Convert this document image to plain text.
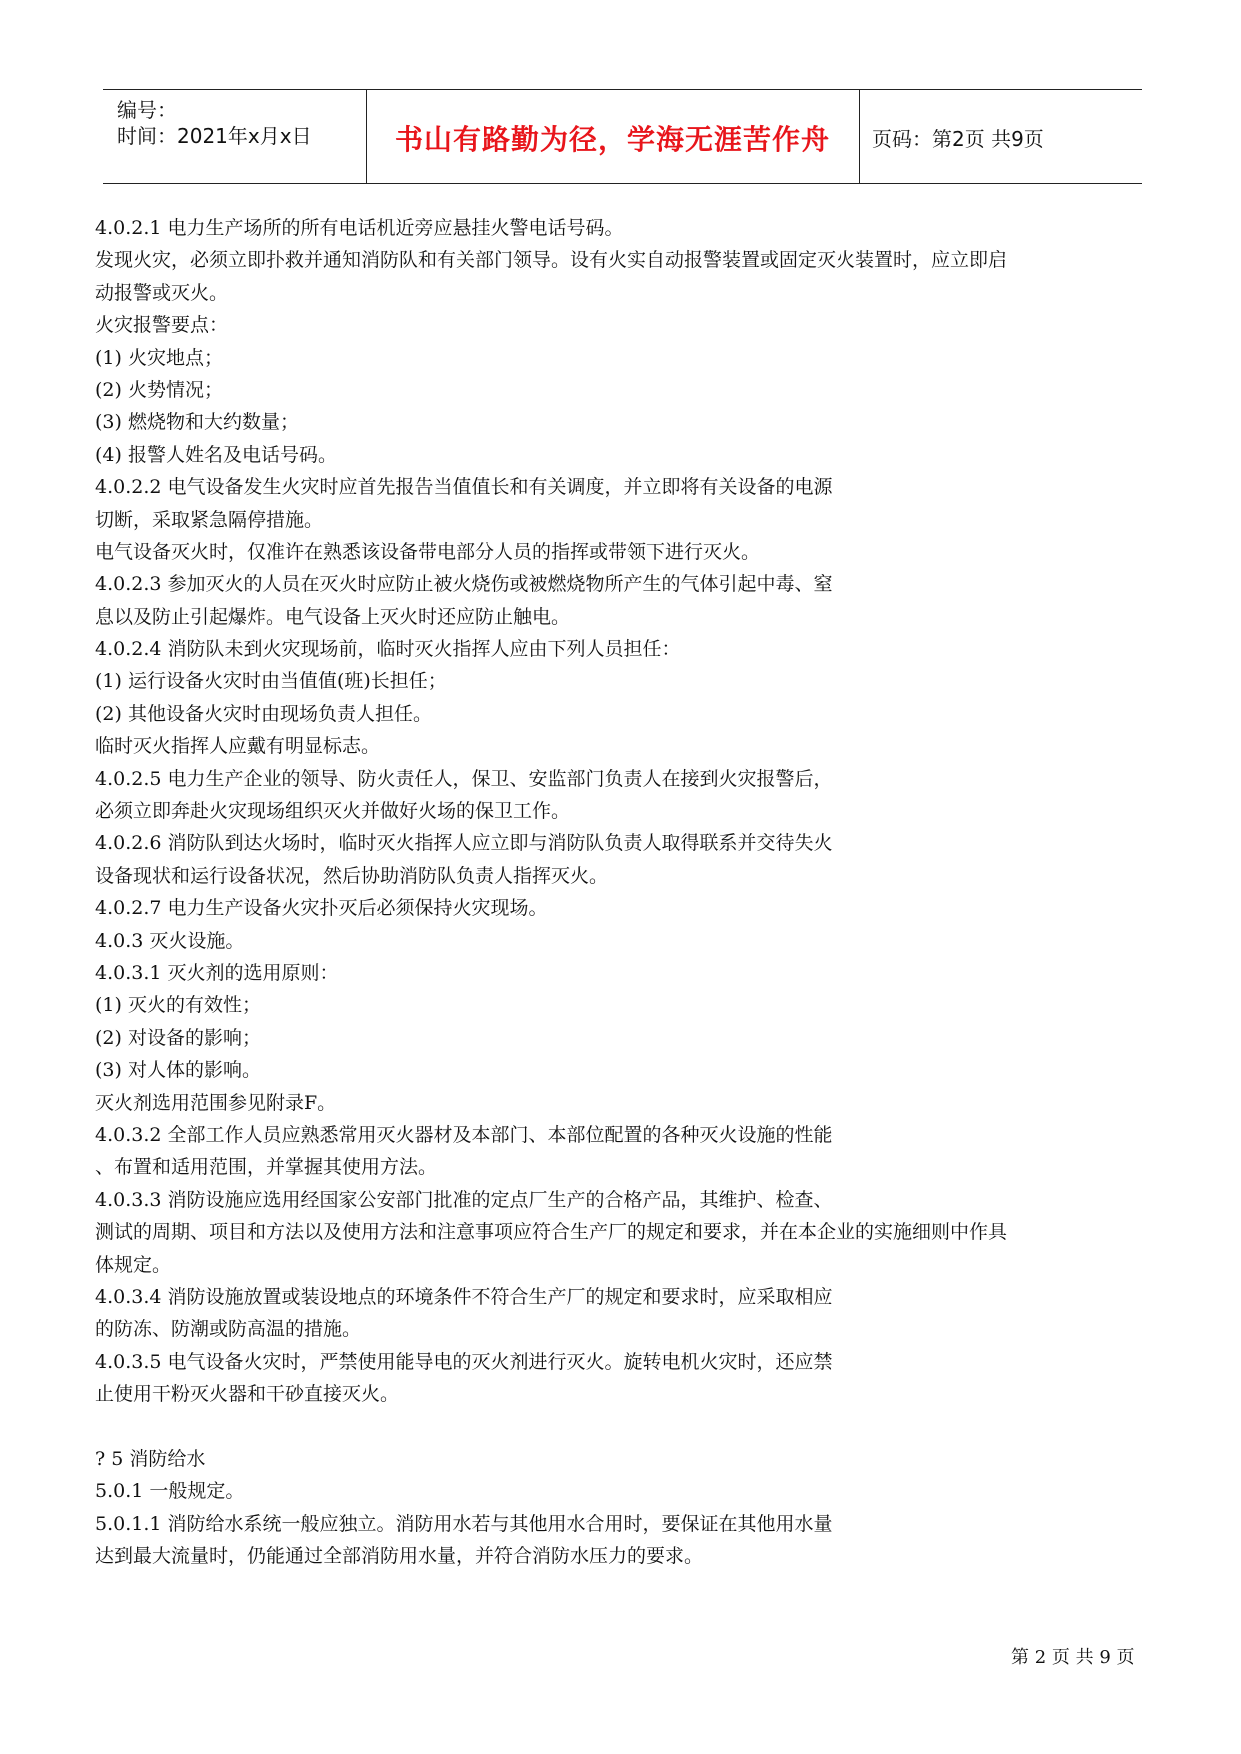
编号：
时间：2021年x月x日	书山有路勤为径，学海无涯苦作舟	页码：第2页 共9页
4.0.2.1 电力生产场所的所有电话机近旁应悬挂火警电话号码。
发现火灾，必须立即扑救并通知消防队和有关部门领导。设有火实自动报警装置或固定灭火装置时，应立即启
动报警或灭火。
火灾报警要点：
(1) 火灾地点；
(2) 火势情况；
(3) 燃烧物和大约数量；
(4) 报警人姓名及电话号码。
4.0.2.2 电气设备发生火灾时应首先报告当值值长和有关调度，并立即将有关设备的电源
切断，采取紧急隔停措施。
电气设备灭火时，仅准许在熟悉该设备带电部分人员的指挥或带领下进行灭火。
4.0.2.3 参加灭火的人员在灭火时应防止被火烧伤或被燃烧物所产生的气体引起中毒、窒
息以及防止引起爆炸。电气设备上灭火时还应防止触电。
4.0.2.4 消防队未到火灾现场前，临时灭火指挥人应由下列人员担任：
(1) 运行设备火灾时由当值值(班)长担任；
(2) 其他设备火灾时由现场负责人担任。
临时灭火指挥人应戴有明显标志。
4.0.2.5 电力生产企业的领导、防火责任人，保卫、安监部门负责人在接到火灾报警后，
必须立即奔赴火灾现场组织灭火并做好火场的保卫工作。
4.0.2.6 消防队到达火场时，临时灭火指挥人应立即与消防队负责人取得联系并交待失火
设备现状和运行设备状况，然后协助消防队负责人指挥灭火。
4.0.2.7 电力生产设备火灾扑灭后必须保持火灾现场。
4.0.3 灭火设施。
4.0.3.1 灭火剂的选用原则：
(1) 灭火的有效性；
(2) 对设备的影响；
(3) 对人体的影响。
灭火剂选用范围参见附录F。
4.0.3.2 全部工作人员应熟悉常用灭火器材及本部门、本部位配置的各种灭火设施的性能
、布置和适用范围，并掌握其使用方法。
4.0.3.3 消防设施应选用经国家公安部门批准的定点厂生产的合格产品，其维护、检查、
测试的周期、项目和方法以及使用方法和注意事项应符合生产厂的规定和要求，并在本企业的实施细则中作具
体规定。
4.0.3.4 消防设施放置或装设地点的环境条件不符合生产厂的规定和要求时，应采取相应
的防冻、防潮或防高温的措施。
4.0.3.5 电气设备火灾时，严禁使用能导电的灭火剂进行灭火。旋转电机火灾时，还应禁
止使用干粉灭火器和干砂直接灭火。
? 5 消防给水
5.0.1 一般规定。
5.0.1.1 消防给水系统一般应独立。消防用水若与其他用水合用时，要保证在其他用水量
达到最大流量时，仍能通过全部消防用水量，并符合消防水压力的要求。
第 2 页 共 9 页
